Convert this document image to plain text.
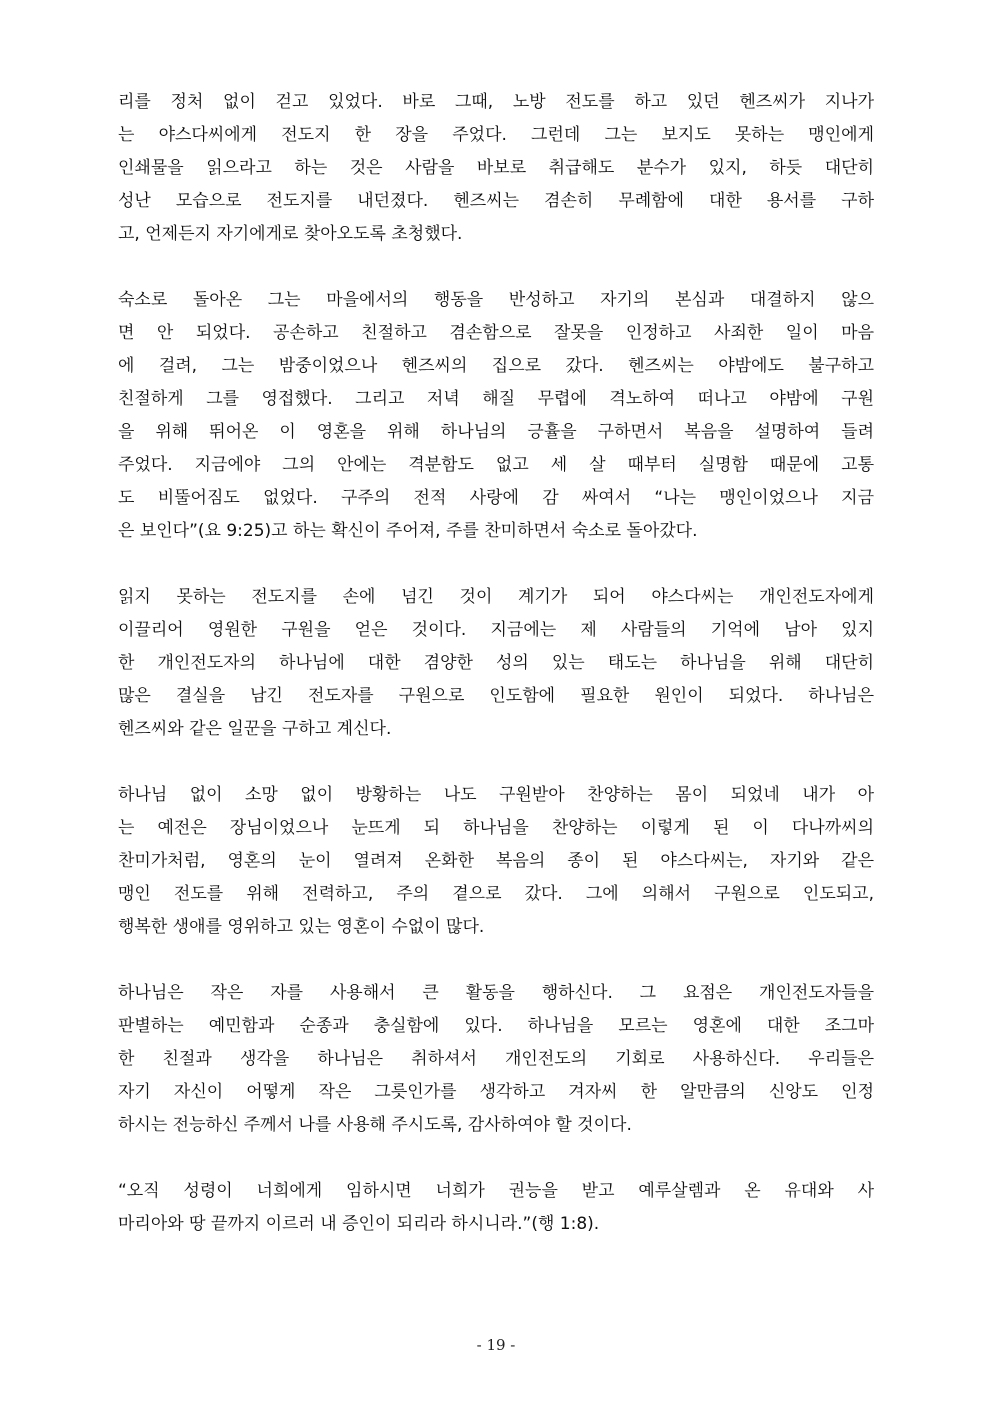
리를 정처 없이 걷고 있었다. 바로 그때, 노방 전도를 하고 있던 헨즈씨가 지나가
는 야스다씨에게 전도지 한 장을 주었다. 그런데 그는 보지도 못하는 맹인에게
인쇄물을 읽으라고 하는 것은 사람을 바보로 취급해도 분수가 있지, 하듯 대단히
성난 모습으로 전도지를 내던졌다. 헨즈씨는 겸손히 무례함에 대한 용서를 구하
고, 언제든지 자기에게로 찾아오도록 초청했다.

숙소로 돌아온 그는 마을에서의 행동을 반성하고 자기의 본심과 대결하지 않으
면 안 되었다. 공손하고 친절하고 겸손함으로 잘못을 인정하고 사죄한 일이 마음
에 걸려, 그는 밤중이었으나 헨즈씨의 집으로 갔다. 헨즈씨는 야밤에도 불구하고
친절하게 그를 영접했다. 그리고 저녁 해질 무렵에 격노하여 떠나고 야밤에 구원
을 위해 뛰어온 이 영혼을 위해 하나님의 긍휼을 구하면서 복음을 설명하여 들려
주었다. 지금에야 그의 안에는 격분함도 없고 세 살 때부터 실명함 때문에 고통
도 비뚤어짐도 없었다. 구주의 전적 사랑에 감 싸여서 “나는 맹인이었으나 지금
은 보인다”(요 9:25)고 하는 확신이 주어져, 주를 찬미하면서 숙소로 돌아갔다.

읽지 못하는 전도지를 손에 넘긴 것이 계기가 되어 야스다씨는 개인전도자에게
이끌리어 영원한 구원을 얻은 것이다. 지금에는 제 사람들의 기억에 남아 있지
한 개인전도자의 하나님에 대한 겸양한 성의 있는 태도는 하나님을 위해 대단히
많은 결실을 남긴 전도자를 구원으로 인도함에 필요한 원인이 되었다. 하나님은
헨즈씨와 같은 일꾼을 구하고 계신다.

하나님 없이 소망 없이 방황하는 나도 구원받아 찬양하는 몸이 되었네 내가 아
는 예전은 장님이었으나 눈뜨게 되 하나님을 찬양하는 이렇게 된 이 다나까씨의
찬미가처럼, 영혼의 눈이 열려져 온화한 복음의 종이 된 야스다씨는, 자기와 같은
맹인 전도를 위해 전력하고, 주의 곁으로 갔다. 그에 의해서 구원으로 인도되고,
행복한 생애를 영위하고 있는 영혼이 수없이 많다.

하나님은 작은 자를 사용해서 큰 활동을 행하신다. 그 요점은 개인전도자들을
판별하는 예민함과 순종과 충실함에 있다. 하나님을 모르는 영혼에 대한 조그마
한 친절과 생각을 하나님은 취하셔서 개인전도의 기회로 사용하신다. 우리들은
자기 자신이 어떻게 작은 그릇인가를 생각하고 겨자씨 한 알만큼의 신앙도 인정
하시는 전능하신 주께서 나를 사용해 주시도록, 감사하여야 할 것이다.

“오직 성령이 너희에게 임하시면 너희가 권능을 받고 예루살렘과 온 유대와 사
마리아와 땅 끝까지 이르러 내 증인이 되리라 하시니라.”(행 1:8).

- 19 -
